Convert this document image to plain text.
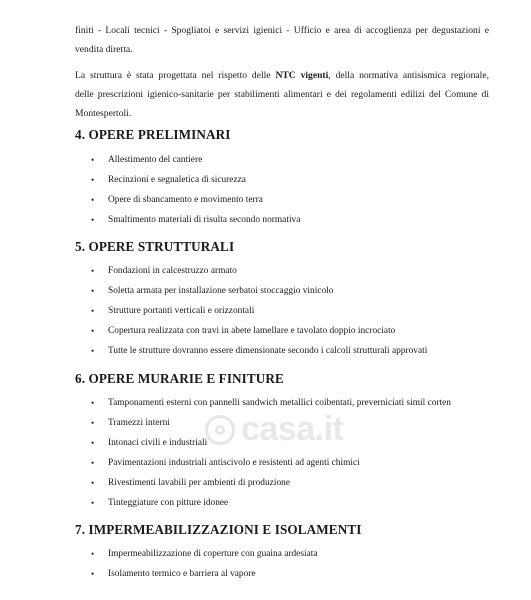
finiti - Locali tecnici - Spogliatoi e servizi igienici - Ufficio e area di accoglienza per degustazioni e
vendita diretta.

La struttura è stata progettata nel rispetto delle NTC vigenti, della normativa antisismica regionale,
delle prescrizioni igienico-sanitarie per stabilimenti alimentari e dei regolamenti edilizi del Comune di
Montespertoli.

4. OPERE PRELIMINARI
• Allestimento del cantiere
• Recinzioni e segnaletica di sicurezza
• Opere di sbancamento e movimento terra
• Smaltimento materiali di risulta secondo normativa
5. OPERE STRUTTURALI
• Fondazioni in calcestruzzo armato
• Soletta armata per installazione serbatoi stoccaggio vinicolo
• Strutture portanti verticali e orizzontali
• Copertura realizzata con travi in abete lamellare e tavolato doppio incrociato
• Tutte le strutture dovranno essere dimensionate secondo i calcoli strutturali approvati
6. OPERE MURARIE E FINITURE
• Tamponamenti esterni con pannelli sandwich metallici coibentati, preverniciati simil corten
• Tramezzi interni
• Intonaci civili e industriali
• Pavimentazioni industriali antiscivolo e resistenti ad agenti chimici
• Rivestimenti lavabili per ambienti di produzione
• Tinteggiature con pitture idonee
7. IMPERMEABILIZZAZIONI E ISOLAMENTI
• Impermeabilizzazione di coperture con guaina ardesiata
• Isolamento termico e barriera al vapore
casa.it
